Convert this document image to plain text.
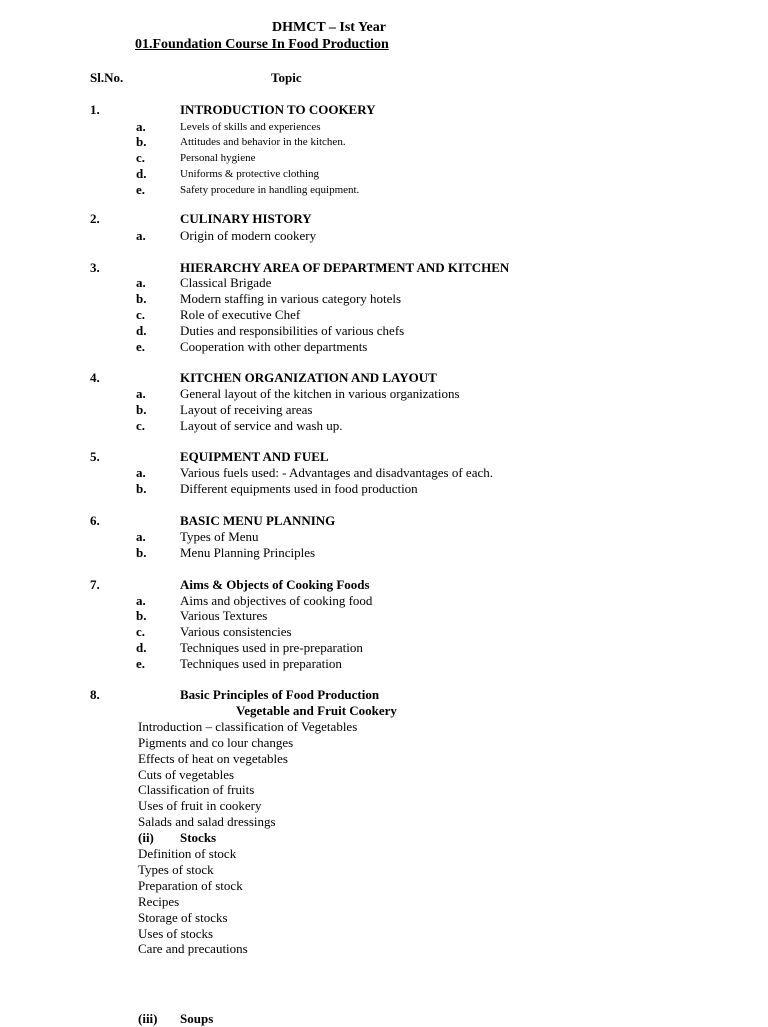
DHMCT – Ist Year
01.Foundation Course In Food Production
Sl.No.	Topic
1.	INTRODUCTION TO COOKERY
a.	Levels of skills and experiences
b.	Attitudes and behavior in the kitchen.
c.	Personal hygiene
d.	Uniforms & protective clothing
e.	Safety procedure in handling equipment.
2.	CULINARY HISTORY
a.	Origin of modern cookery
3.	HIERARCHY AREA OF DEPARTMENT AND KITCHEN
a.	Classical Brigade
b.	Modern staffing in various category hotels
c.	Role of executive Chef
d.	Duties and responsibilities of various chefs
e.	Cooperation with other departments
4.	KITCHEN ORGANIZATION AND LAYOUT
a.	General layout of the kitchen in various organizations
b.	Layout of receiving areas
c.	Layout of service and wash up.
5.	EQUIPMENT AND FUEL
a.	Various fuels used: - Advantages and disadvantages of each.
b.	Different equipments used in food production
6.	BASIC MENU PLANNING
a.	Types of Menu
b.	Menu Planning Principles
7.	Aims & Objects of Cooking Foods
a.	Aims and objectives of cooking food
b.	Various Textures
c.	Various consistencies
d.	Techniques used in pre-preparation
e.	Techniques used in preparation
8.	Basic Principles of Food Production
Vegetable and Fruit Cookery
Introduction – classification of Vegetables
Pigments and co lour changes
Effects of heat on vegetables
Cuts of vegetables
Classification of fruits
Uses of fruit in cookery
Salads and salad dressings
(ii) Stocks
Definition of stock
Types of stock
Preparation of stock
Recipes
Storage of stocks
Uses of stocks
Care and precautions
(iii) Soups
